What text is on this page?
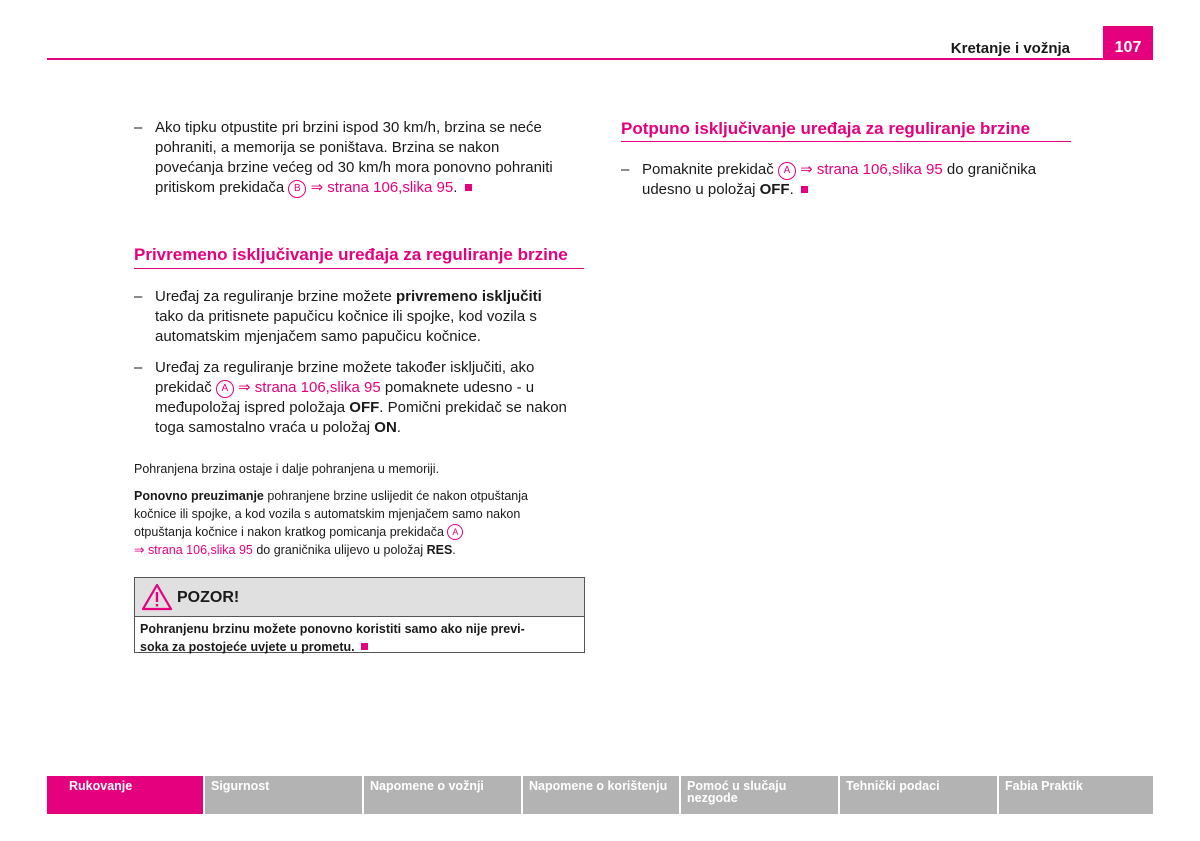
Kretanje i vožnja	107
– Ako tipku otpustite pri brzini ispod 30 km/h, brzina se neće
pohraniti, a memorija se poništava. Brzina se nakon
povećanja brzine većeg od 30 km/h mora ponovno pohraniti
pritiskom prekidača B ⇒ strana 106,slika 95.
Privremeno isključivanje uređaja za reguliranje brzine
– Uređaj za reguliranje brzine možete privremeno isključiti
tako da pritisnete papučicu kočnice ili spojke, kod vozila s
automatskim mjenjačem samo papučicu kočnice.
– Uređaj za reguliranje brzine možete također isključiti, ako
prekidač A ⇒ strana 106,slika 95 pomaknete udesno - u
međupoložaj ispred položaja OFF. Pomični prekidač se nakon
toga samostalno vraća u položaj ON.
Pohranjena brzina ostaje i dalje pohranjena u memoriji.
Ponovno preuzimanje pohranjene brzine uslijedit će nakon otpuštanja
kočnice ili spojke, a kod vozila s automatskim mjenjačem samo nakon
otpuštanja kočnice i nakon kratkog pomicanja prekidača A
⇒ strana 106,slika 95 do graničnika ulijevo u položaj RES.
POZOR!
Pohranjenu brzinu možete ponovno koristiti samo ako nije previ-
soka za postojeće uvjete u prometu.
Potpuno isključivanje uređaja za reguliranje brzine
– Pomaknite prekidač A ⇒ strana 106,slika 95 do graničnika
udesno u položaj OFF.
Rukovanje	Sigurnost	Napomene o vožnji	Napomene o korištenju	Pomoć u slučaju nezgode
Tehnički podaci	Fabia Praktik
